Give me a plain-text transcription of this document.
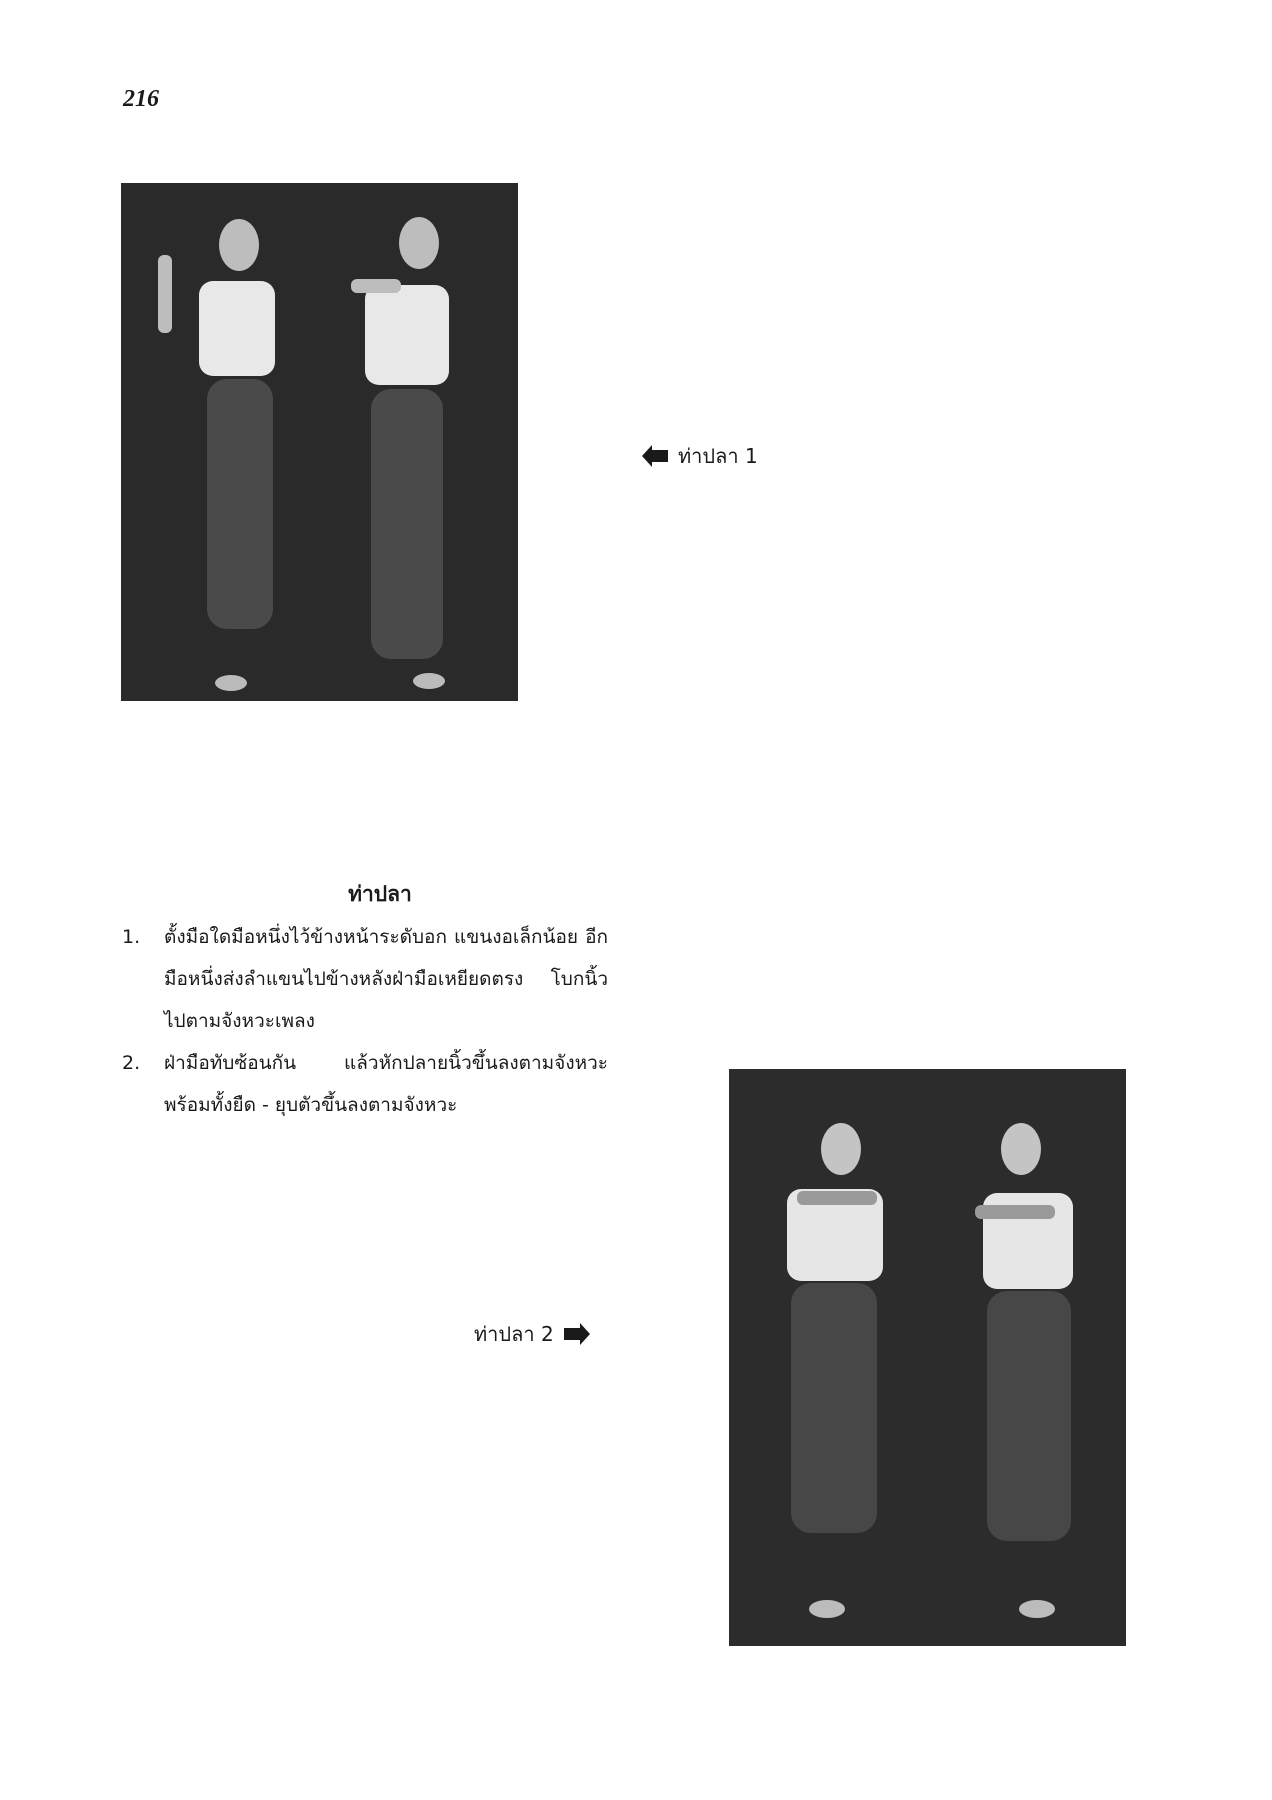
216
ท่าปลา 1
ท่าปลา
1.	ตั้งมือใดมือหนึ่งไว้ข้างหน้าระดับอก แขนงอเล็กน้อย อีกมือหนึ่งส่งลำแขนไปข้างหลังฝ่ามือเหยียดตรง โบกนิ้วไปตามจังหวะเพลง
2.	ฝ่ามือทับซ้อนกัน แล้วหักปลายนิ้วขึ้นลงตามจังหวะ พร้อมทั้งยืด - ยุบตัวขึ้นลงตามจังหวะ
ท่าปลา 2
